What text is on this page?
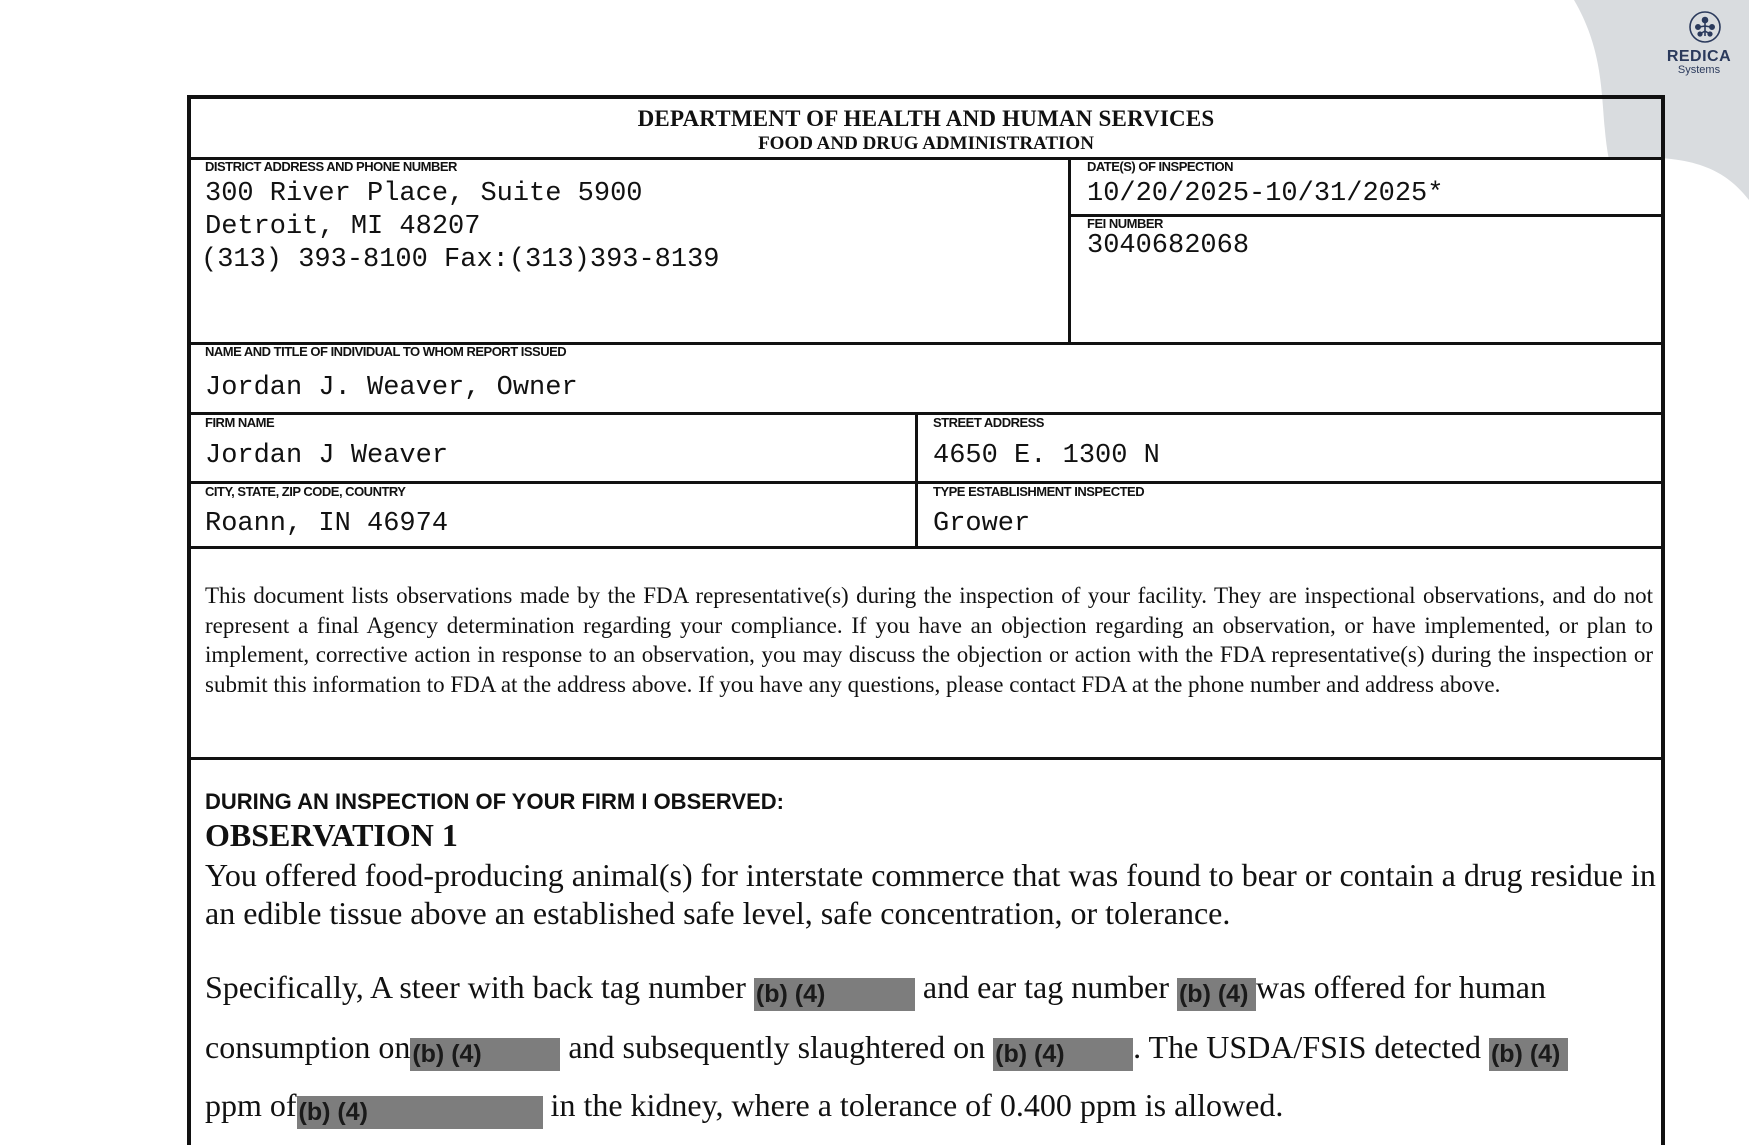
REDICA
Systems
DEPARTMENT OF HEALTH AND HUMAN SERVICES
FOOD AND DRUG ADMINISTRATION
DISTRICT ADDRESS AND PHONE NUMBER
300 River Place, Suite 5900
Detroit, MI 48207
(313) 393-8100 Fax:(313)393-8139
DATE(S) OF INSPECTION
10/20/2025-10/31/2025*
FEI NUMBER
3040682068
NAME AND TITLE OF INDIVIDUAL TO WHOM REPORT ISSUED
Jordan J. Weaver, Owner
FIRM NAME
Jordan J Weaver
STREET ADDRESS
4650 E. 1300 N
CITY, STATE, ZIP CODE, COUNTRY
Roann, IN 46974
TYPE ESTABLISHMENT INSPECTED
Grower

This document lists observations made by the FDA representative(s) during the inspection of your facility. They are inspectional observations, and do not represent a final Agency determination regarding your compliance. If you have an objection regarding an observation, or have implemented, or plan to implement, corrective action in response to an observation, you may discuss the objection or action with the FDA representative(s) during the inspection or submit this information to FDA at the address above. If you have any questions, please contact FDA at the phone number and address above.

DURING AN INSPECTION OF YOUR FIRM I OBSERVED:
OBSERVATION 1

You offered food-producing animal(s) for interstate commerce that was found to bear or contain a drug residue in an edible tissue above an established safe level, safe concentration, or tolerance.

Specifically, A steer with back tag number (b) (4)	and ear tag number (b) (4) was offered for human
consumption on(b) (4)	and subsequently slaughtered on (b) (4) . The USDA/FSIS detected (b) (4)
ppm of(b) (4)	in the kidney, where a tolerance of 0.400 ppm is allowed.
